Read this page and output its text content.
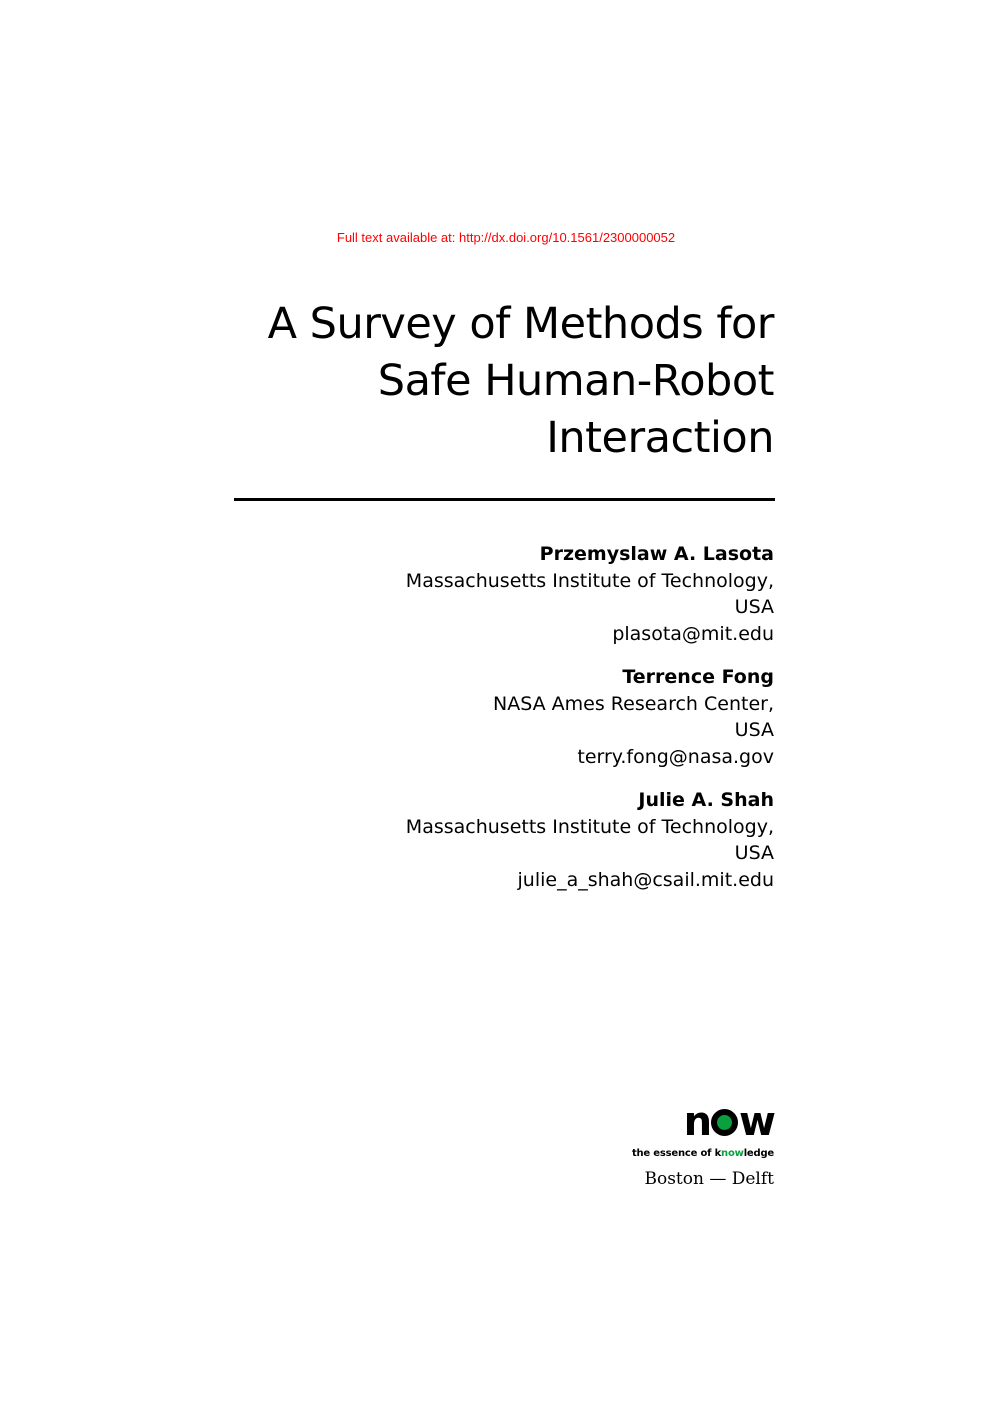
Full text available at: http://dx.doi.org/10.1561/2300000052
A Survey of Methods for
Safe Human-Robot
Interaction
Przemyslaw A. Lasota
Massachusetts Institute of Technology,
USA
plasota@mit.edu
Terrence Fong
NASA Ames Research Center,
USA
terry.fong@nasa.gov
Julie A. Shah
Massachusetts Institute of Technology,
USA
julie_a_shah@csail.mit.edu
n w
the essence of knowledge
Boston — Delft
